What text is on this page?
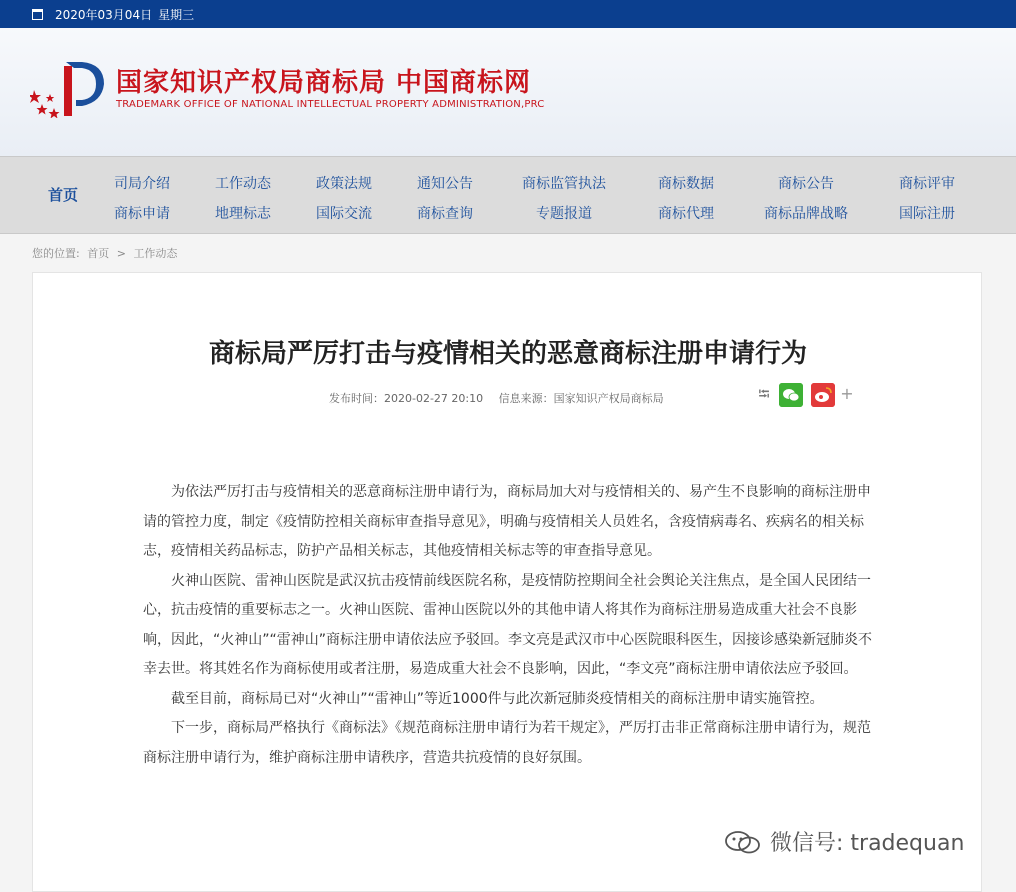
2020年03月04日 星期三
国家知识产权局商标局 中国商标网
TRADEMARK OFFICE OF NATIONAL INTELLECTUAL PROPERTY ADMINISTRATION,PRC
首页
司局介绍
商标申请
工作动态
地理标志
政策法规
国际交流
通知公告
商标查询
商标监管执法
专题报道
商标数据
商标代理
商标公告
商标品牌战略
商标评审
国际注册
您的位置: 首页 > 工作动态
商标局严厉打击与疫情相关的恶意商标注册申请行为
发布时间：2020-02-27 20:10 信息来源：国家知识产权局商标局	⭾	+

为依法严厉打击与疫情相关的恶意商标注册申请行为，商标局加大对与疫情相关的、易产生不良影响的商标注册申请的管控力度，制定《疫情防控相关商标审查指导意见》，明确与疫情相关人员姓名，含疫情病毒名、疾病名的相关标志，疫情相关药品标志，防护产品相关标志，其他疫情相关标志等的审查指导意见。

火神山医院、雷神山医院是武汉抗击疫情前线医院名称，是疫情防控期间全社会舆论关注焦点，是全国人民团结一心，抗击疫情的重要标志之一。火神山医院、雷神山医院以外的其他申请人将其作为商标注册易造成重大社会不良影响，因此，“火神山”“雷神山”商标注册申请依法应予驳回。李文亮是武汉市中心医院眼科医生，因接诊感染新冠肺炎不幸去世。将其姓名作为商标使用或者注册，易造成重大社会不良影响，因此，“李文亮”商标注册申请依法应予驳回。

截至目前，商标局已对“火神山”“雷神山”等近1000件与此次新冠肺炎疫情相关的商标注册申请实施管控。

下一步，商标局严格执行《商标法》《规范商标注册申请行为若干规定》，严厉打击非正常商标注册申请行为，规范商标注册申请行为，维护商标注册申请秩序，营造共抗疫情的良好氛围。

微信号: tradequan
